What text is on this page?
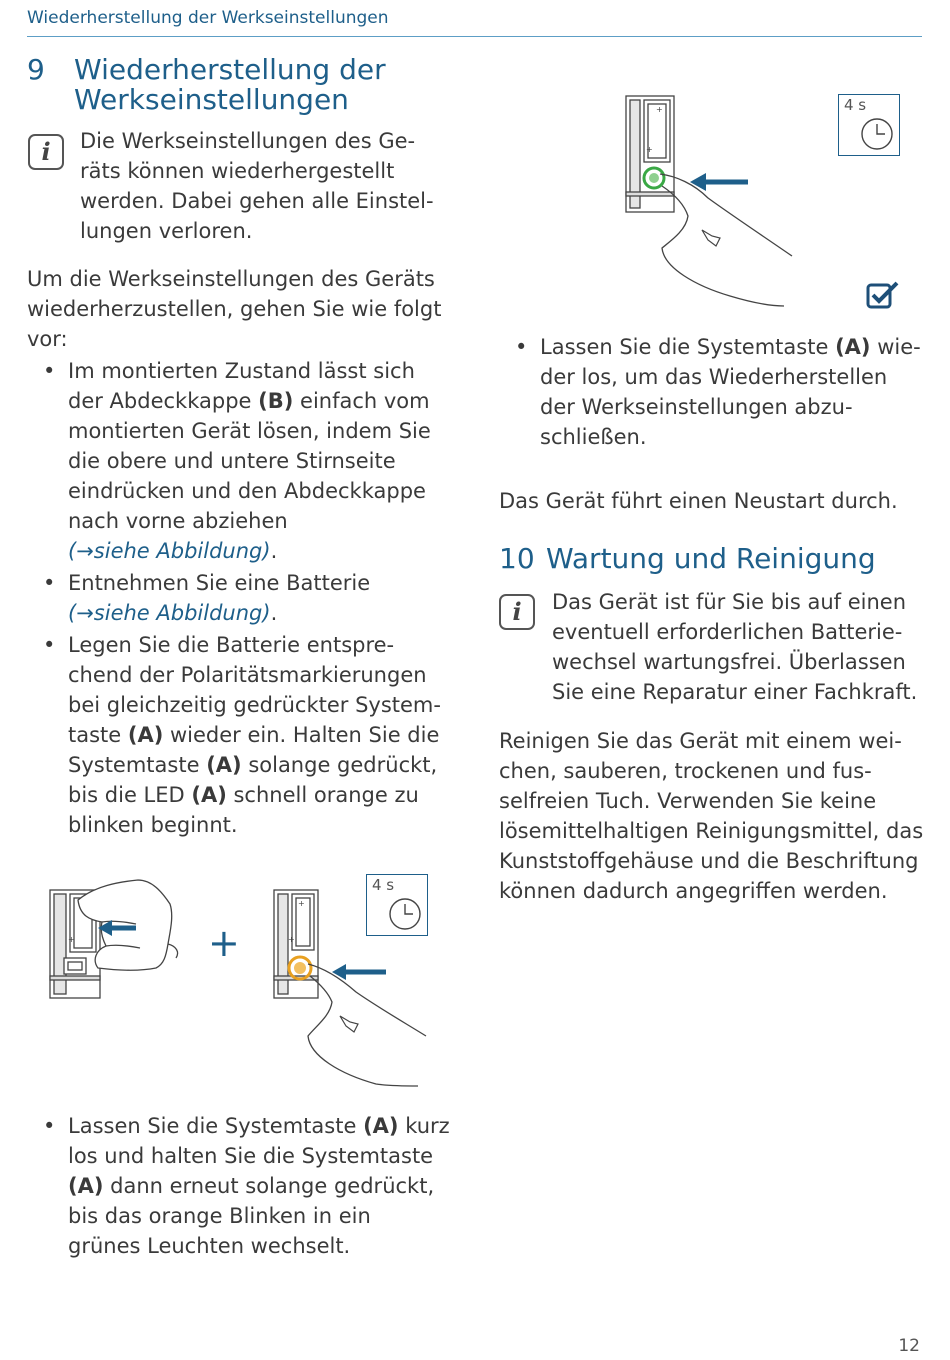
Wiederherstellung der Werkseinstellungen
9 Wiederherstellung der
Werkseinstellungen
i	Die Werkseinstellungen des Ge-
räts können wiederhergestellt
werden. Dabei gehen alle Einstel-
lungen verloren.
Um die Werkseinstellungen des Geräts
wiederherzustellen, gehen Sie wie folgt
vor:
• Im montierten Zustand lässt sich
der Abdeckkappe (B) einfach vom
montierten Gerät lösen, indem Sie
die obere und untere Stirnseite
eindrücken und den Abdeckkappe
nach vorne abziehen
(→siehe Abbildung).
• Entnehmen Sie eine Batterie
(→siehe Abbildung).
• Legen Sie die Batterie entspre-
chend der Polaritätsmarkierungen
bei gleichzeitig gedrückter System-
taste (A) wieder ein. Halten Sie die
Systemtaste (A) solange gedrückt,
bis die LED (A) schnell orange zu
blinken beginnt.
+	+
+
+
4 s
• Lassen Sie die Systemtaste (A) kurz
los und halten Sie die Systemtaste
(A) dann erneut solange gedrückt,
bis das orange Blinken in ein
grünes Leuchten wechselt.
+
+
4 s
• Lassen Sie die Systemtaste (A) wie-
der los, um das Wiederherstellen
der Werkseinstellungen abzu-
schließen.
Das Gerät führt einen Neustart durch.
10 Wartung und Reinigung
i	Das Gerät ist für Sie bis auf einen
eventuell erforderlichen Batterie-
wechsel wartungsfrei. Überlassen
Sie eine Reparatur einer Fachkraft.
Reinigen Sie das Gerät mit einem wei-
chen, sauberen, trockenen und fus-
selfreien Tuch. Verwenden Sie keine
lösemittelhaltigen Reinigungsmittel, das
Kunststoffgehäuse und die Beschriftung
können dadurch angegriffen werden.
12
